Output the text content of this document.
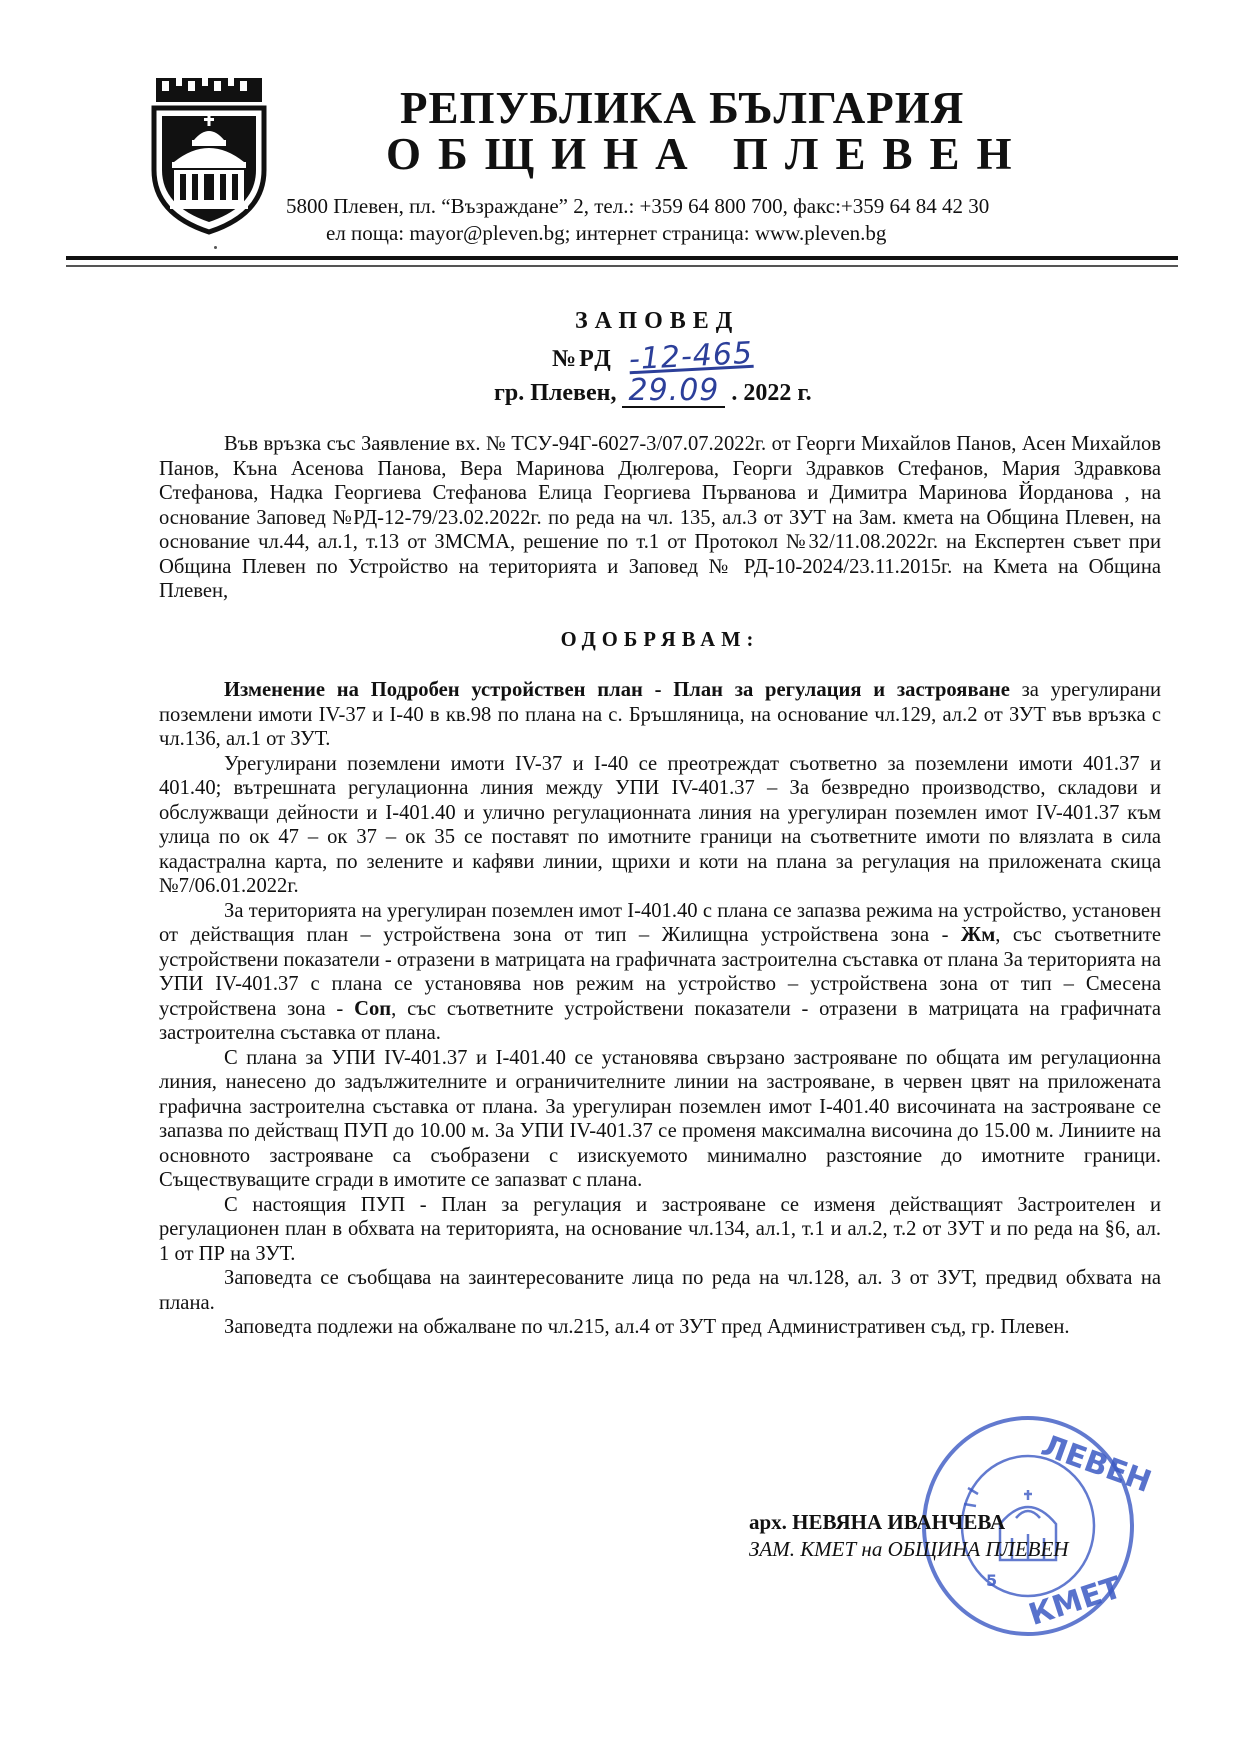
РЕПУБЛИКА БЪЛГАРИЯ
ОБЩИНА ПЛЕВЕН

5800 Плевен, пл. “Възраждане” 2, тел.: +359 64 800 700, факс:+359 64 84 42 30

ел поща: mayor@pleven.bg; интернет страница: www.pleven.bg

ЗАПОВЕД

№РД -12-465
гр. Плевен, 29.09 . 2022 г.

Във връзка със Заявление вх. № ТСУ-94Г-6027-3/07.07.2022г. от Георги Михайлов Панов, Асен Михайлов Панов, Къна Асенова Панова, Вера Маринова Дюлгерова, Георги Здравков Стефанов, Мария Здравкова Стефанова, Надка Георгиева Стефанова Елица Георгиева Първанова и Димитра Маринова Йорданова , на основание Заповед №РД-12-79/23.02.2022г. по реда на чл. 135, ал.3 от ЗУТ на Зам. кмета на Община Плевен, на основание чл.44, ал.1, т.13 от ЗМСМА, решение по т.1 от Протокол №32/11.08.2022г. на Експертен съвет при Община Плевен по Устройство на територията и Заповед № РД-10-2024/23.11.2015г. на Кмета на Община Плевен,

ОДОБРЯВАМ:

Изменение на Подробен устройствен план - План за регулация и застрояване за урегулирани поземлени имоти IV-37 и I-40 в кв.98 по плана на с. Бръшляница, на основание чл.129, ал.2 от ЗУТ във връзка с чл.136, ал.1 от ЗУТ.

Урегулирани поземлени имоти IV-37 и I-40 се преотреждат съответно за поземлени имоти 401.37 и 401.40; вътрешната регулационна линия между УПИ IV-401.37 – За безвредно производство, складови и обслужващи дейности и I-401.40 и улично регулационната линия на урегулиран поземлен имот IV-401.37 към улица по ок 47 – ок 37 – ок 35 се поставят по имотните граници на съответните имоти по влязлата в сила кадастрална карта, по зелените и кафяви линии, щрихи и коти на плана за регулация на приложената скица №7/06.01.2022г.

За територията на урегулиран поземлен имот I-401.40 с плана се запазва режима на устройство, установен от действащия план – устройствена зона от тип – Жилищна устройствена зона - Жм, със съответните устройствени показатели - отразени в матрицата на графичната застроителна съставка от плана За територията на УПИ IV-401.37 с плана се установява нов режим на устройство – устройствена зона от тип – Смесена устройствена зона - Соп, със съответните устройствени показатели - отразени в матрицата на графичната застроителна съставка от плана.

С плана за УПИ IV-401.37 и I-401.40 се установява свързано застрояване по общата им регулационна линия, нанесено до задължителните и ограничителните линии на застрояване, в червен цвят на приложената графична застроителна съставка от плана. За урегулиран поземлен имот I-401.40 височината на застрояване се запазва по действащ ПУП до 10.00 м. За УПИ IV-401.37 се променя максимална височина до 15.00 м. Линиите на основното застрояване са съобразени с изискуемото минимално разстояние до имотните граници. Съществуващите сгради в имотите се запазват с плана.

С настоящия ПУП - План за регулация и застрояване се изменя действащият Застроителен и регулационен план в обхвата на територията, на основание чл.134, ал.1, т.1 и ал.2, т.2 от ЗУТ и по реда на §6, ал. 1 от ПР на ЗУТ.

Заповедта се съобщава на заинтересованите лица по реда на чл.128, ал. 3 от ЗУТ, предвид обхвата на плана.

Заповедта подлежи на обжалване по чл.215, ал.4 от ЗУТ пред Административен съд, гр. Плевен.

ЛЕВЕН
КМЕТ
5

арх. НЕВЯНА ИВАНЧЕВА

ЗАМ. КМЕТ на ОБЩИНА ПЛЕВЕН
